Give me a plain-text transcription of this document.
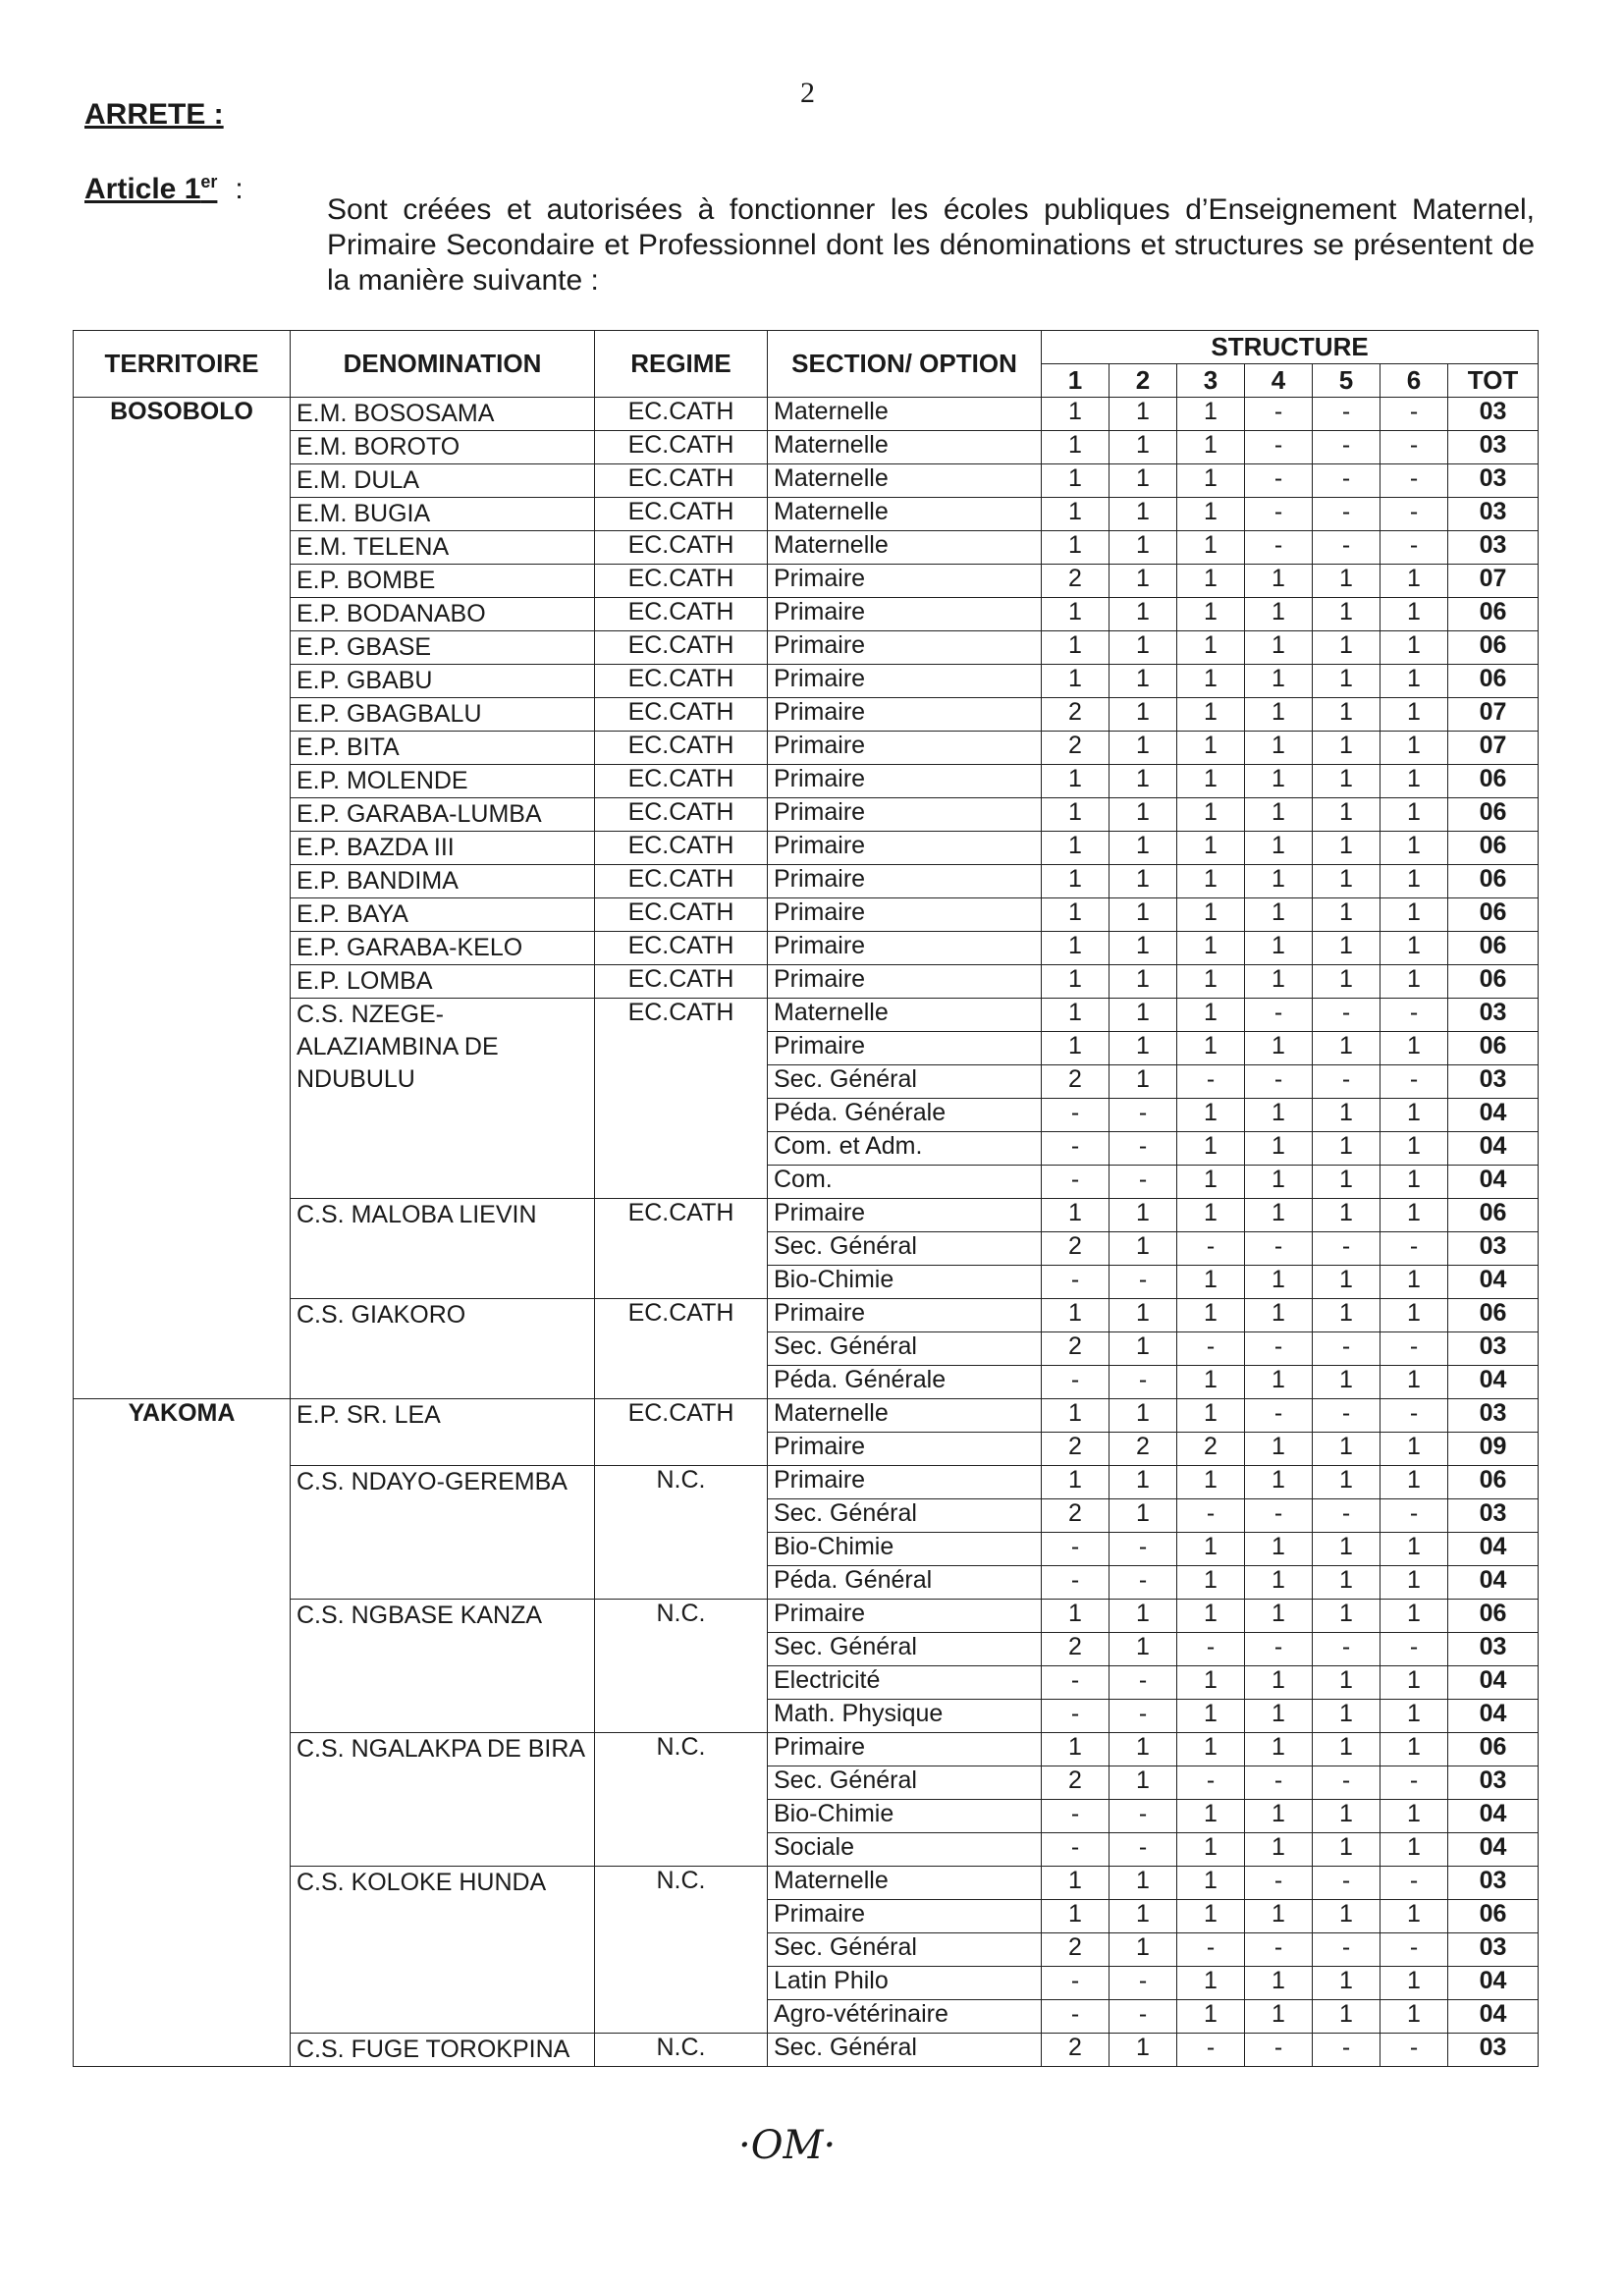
2
ARRETE :
Article 1er :
Sont créées et autorisées à fonctionner les écoles publiques d’Enseignement Maternel, Primaire Secondaire et Professionnel dont les dénominations et structures se présentent de la manière suivante :
TERRITOIRE	DENOMINATION	REGIME	SECTION/ OPTION	STRUCTURE						
				1	2	3	4	5	6	TOT
BOSOBOLO	E.M. BOSOSAMA	EC.CATH	Maternelle	1	1	1	-	-	-	03
	E.M. BOROTO	EC.CATH	Maternelle	1	1	1	-	-	-	03
	E.M. DULA	EC.CATH	Maternelle	1	1	1	-	-	-	03
	E.M. BUGIA	EC.CATH	Maternelle	1	1	1	-	-	-	03
	E.M. TELENA	EC.CATH	Maternelle	1	1	1	-	-	-	03
	E.P. BOMBE	EC.CATH	Primaire	2	1	1	1	1	1	07
	E.P. BODANABO	EC.CATH	Primaire	1	1	1	1	1	1	06
	E.P. GBASE	EC.CATH	Primaire	1	1	1	1	1	1	06
	E.P. GBABU	EC.CATH	Primaire	1	1	1	1	1	1	06
	E.P. GBAGBALU	EC.CATH	Primaire	2	1	1	1	1	1	07
	E.P. BITA	EC.CATH	Primaire	2	1	1	1	1	1	07
	E.P. MOLENDE	EC.CATH	Primaire	1	1	1	1	1	1	06
	E.P. GARABA-LUMBA	EC.CATH	Primaire	1	1	1	1	1	1	06
	E.P. BAZDA III	EC.CATH	Primaire	1	1	1	1	1	1	06
	E.P. BANDIMA	EC.CATH	Primaire	1	1	1	1	1	1	06
	E.P. BAYA	EC.CATH	Primaire	1	1	1	1	1	1	06
	E.P. GARABA-KELO	EC.CATH	Primaire	1	1	1	1	1	1	06
	E.P. LOMBA	EC.CATH	Primaire	1	1	1	1	1	1	06
	C.S. NZEGE-ALAZIAMBINA DE NDUBULU	EC.CATH	Maternelle	1	1	1	-	-	-	03
			Primaire	1	1	1	1	1	1	06
			Sec. Général	2	1	-	-	-	-	03
			Péda. Générale	-	-	1	1	1	1	04
			Com. et Adm.	-	-	1	1	1	1	04
			Com.	-	-	1	1	1	1	04
	C.S. MALOBA LIEVIN	EC.CATH	Primaire	1	1	1	1	1	1	06
			Sec. Général	2	1	-	-	-	-	03
			Bio-Chimie	-	-	1	1	1	1	04
	C.S. GIAKORO	EC.CATH	Primaire	1	1	1	1	1	1	06
			Sec. Général	2	1	-	-	-	-	03
			Péda. Générale	-	-	1	1	1	1	04
YAKOMA	E.P. SR. LEA	EC.CATH	Maternelle	1	1	1	-	-	-	03
			Primaire	2	2	2	1	1	1	09
	C.S. NDAYO-GEREMBA	N.C.	Primaire	1	1	1	1	1	1	06
			Sec. Général	2	1	-	-	-	-	03
			Bio-Chimie	-	-	1	1	1	1	04
			Péda. Général	-	-	1	1	1	1	04
	C.S. NGBASE KANZA	N.C.	Primaire	1	1	1	1	1	1	06
			Sec. Général	2	1	-	-	-	-	03
			Electricité	-	-	1	1	1	1	04
			Math. Physique	-	-	1	1	1	1	04
	C.S. NGALAKPA DE BIRA	N.C.	Primaire	1	1	1	1	1	1	06
			Sec. Général	2	1	-	-	-	-	03
			Bio-Chimie	-	-	1	1	1	1	04
			Sociale	-	-	1	1	1	1	04
	C.S. KOLOKE HUNDA	N.C.	Maternelle	1	1	1	-	-	-	03
			Primaire	1	1	1	1	1	1	06
			Sec. Général	2	1	-	-	-	-	03
			Latin Philo	-	-	1	1	1	1	04
			Agro-vétérinaire	-	-	1	1	1	1	04
	C.S. FUGE TOROKPINA	N.C.	Sec. Général	2	1	-	-	-	-	03
·OM·
